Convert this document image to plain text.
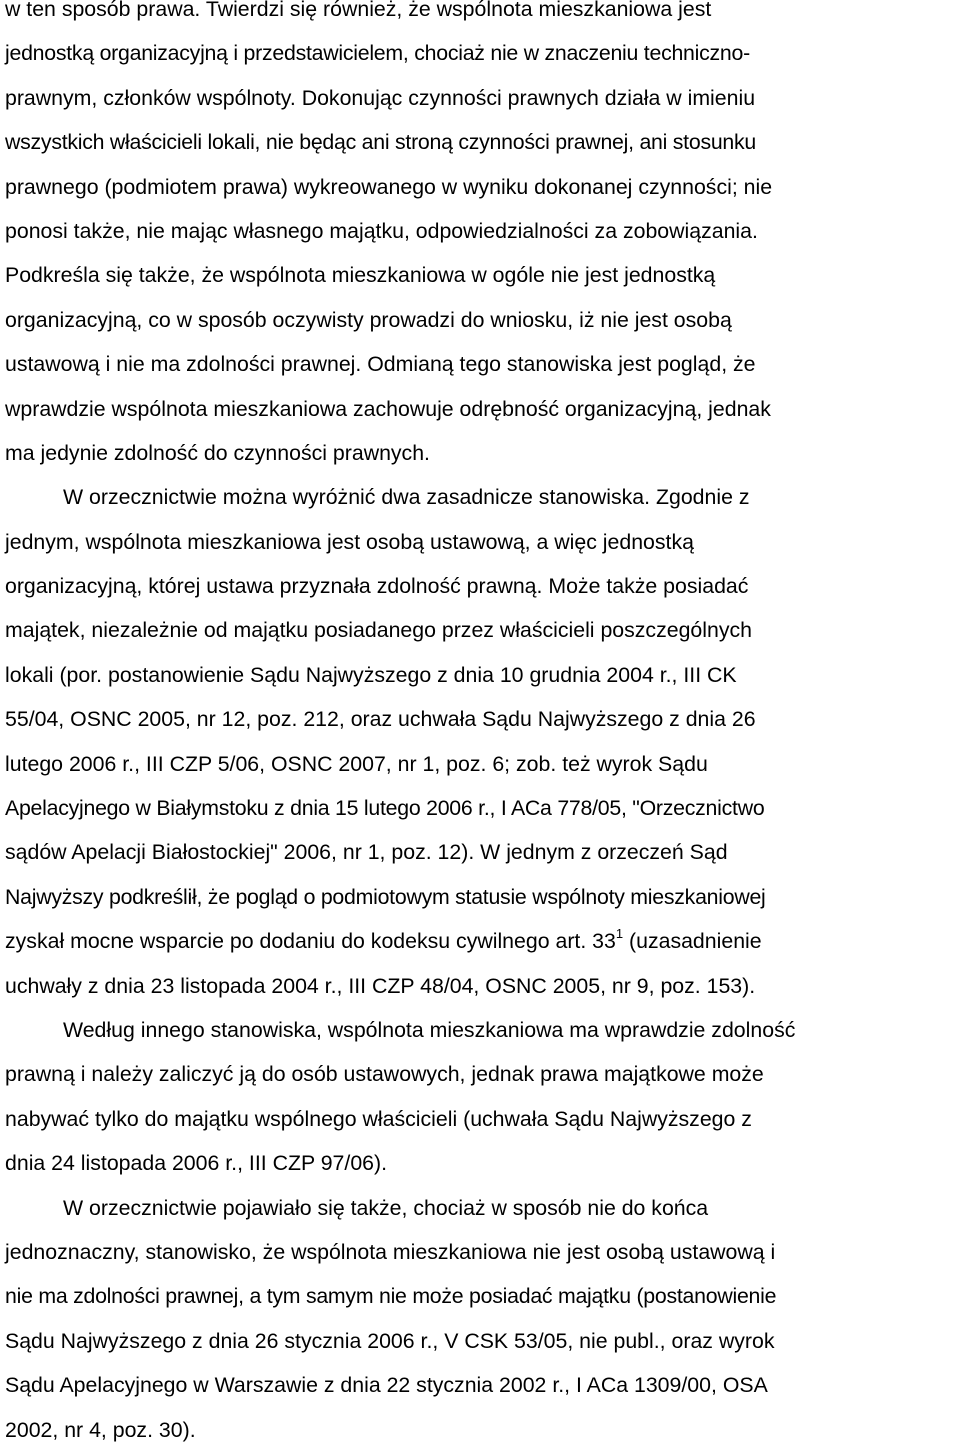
w ten sposób prawa. Twierdzi się również, że wspólnota mieszkaniowa jest
jednostką organizacyjną i przedstawicielem, chociaż nie w znaczeniu techniczno-
prawnym, członków wspólnoty. Dokonując czynności prawnych działa w imieniu
wszystkich właścicieli lokali, nie będąc ani stroną czynności prawnej, ani stosunku
prawnego (podmiotem prawa) wykreowanego w wyniku dokonanej czynności; nie
ponosi także, nie mając własnego majątku, odpowiedzialności za zobowiązania.
Podkreśla się także, że wspólnota mieszkaniowa w ogóle nie jest jednostką
organizacyjną, co w sposób oczywisty prowadzi do wniosku, iż nie jest osobą
ustawową i nie ma zdolności prawnej. Odmianą tego stanowiska jest pogląd, że
wprawdzie wspólnota mieszkaniowa zachowuje odrębność organizacyjną, jednak
ma jedynie zdolność do czynności prawnych.
W orzecznictwie można wyróżnić dwa zasadnicze stanowiska. Zgodnie z
jednym, wspólnota mieszkaniowa jest osobą ustawową, a więc jednostką
organizacyjną, której ustawa przyznała zdolność prawną. Może także posiadać
majątek, niezależnie od majątku posiadanego przez właścicieli poszczególnych
lokali (por. postanowienie Sądu Najwyższego z dnia 10 grudnia 2004 r., III CK
55/04, OSNC 2005, nr 12, poz. 212, oraz uchwała Sądu Najwyższego z dnia 26
lutego 2006 r., III CZP 5/06, OSNC 2007, nr 1, poz. 6; zob. też wyrok Sądu
Apelacyjnego w Białymstoku z dnia 15 lutego 2006 r., I ACa 778/05, "Orzecznictwo
sądów Apelacji Białostockiej" 2006, nr 1, poz. 12). W jednym z orzeczeń Sąd
Najwyższy podkreślił, że pogląd o podmiotowym statusie wspólnoty mieszkaniowej
zyskał mocne wsparcie po dodaniu do kodeksu cywilnego art. $33^1$ (uzasadnienie
uchwały z dnia 23 listopada 2004 r., III CZP 48/04, OSNC 2005, nr 9, poz. 153).
Według innego stanowiska, wspólnota mieszkaniowa ma wprawdzie zdolność
prawną i należy zaliczyć ją do osób ustawowych, jednak prawa majątkowe może
nabywać tylko do majątku wspólnego właścicieli (uchwała Sądu Najwyższego z
dnia 24 listopada 2006 r., III CZP 97/06).
W orzecznictwie pojawiało się także, chociaż w sposób nie do końca
jednoznaczny, stanowisko, że wspólnota mieszkaniowa nie jest osobą ustawową i
nie ma zdolności prawnej, a tym samym nie może posiadać majątku (postanowienie
Sądu Najwyższego z dnia 26 stycznia 2006 r., V CSK 53/05, nie publ., oraz wyrok
Sądu Apelacyjnego w Warszawie z dnia 22 stycznia 2002 r., I ACa 1309/00, OSA
2002, nr 4, poz. 30).
